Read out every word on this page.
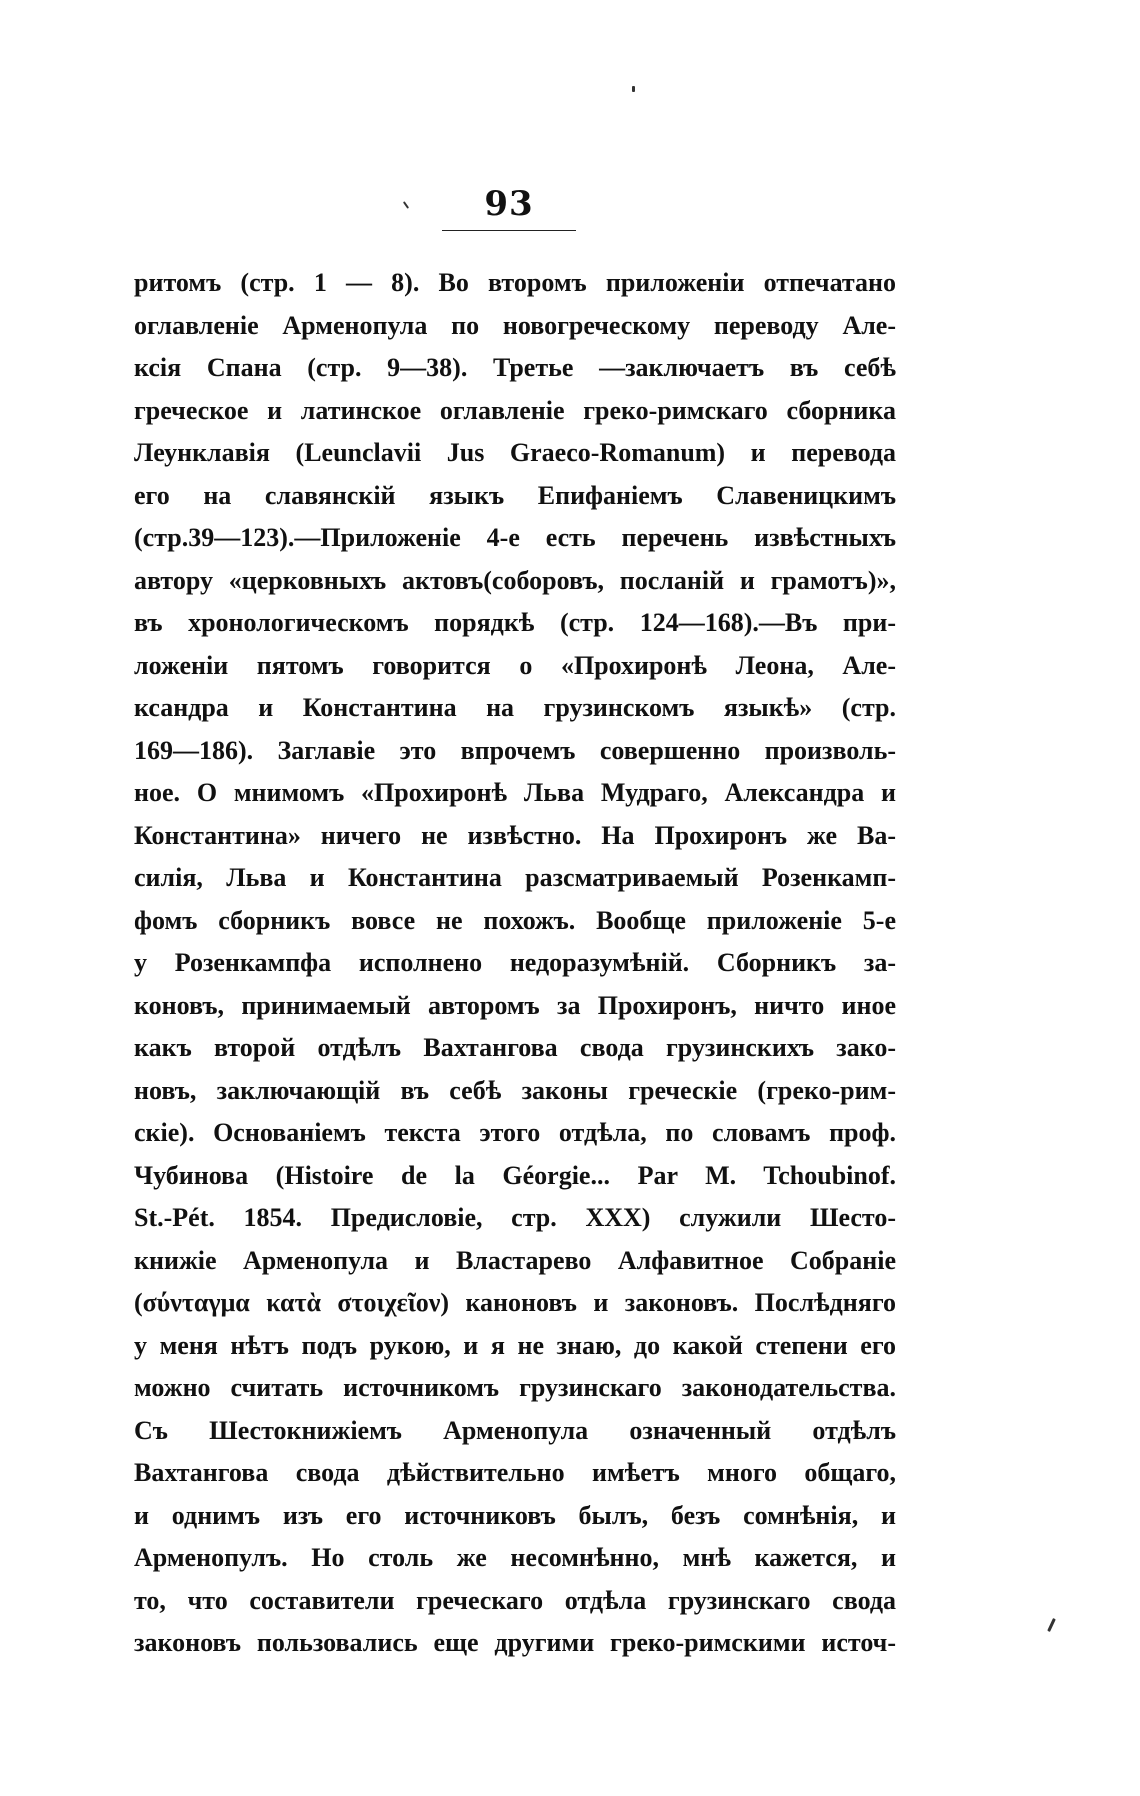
93
ритомъ (стр. 1 — 8). Во второмъ приложеніи отпечатано
оглавленіе Арменопула по новогреческому переводу Але-
ксія Спана (стр. 9—38). Третье —заключаетъ въ себѣ
греческое и латинское оглавленіе греко-римскаго сборника
Леунклавія (Leunclavii Jus Graeco-Romanum) и перевода
его на славянскій языкъ Епифаніемъ Славеницкимъ
(стр.39—123).—Приложеніе 4-е есть перечень извѣстныхъ
автору «церковныхъ актовъ(соборовъ, посланій и грамотъ)»,
въ хронологическомъ порядкѣ (стр. 124—168).—Въ при-
ложеніи пятомъ говорится о «Прохиронѣ Леона, Але-
ксандра и Константина на грузинскомъ языкѣ» (стр.
169—186). Заглавіе это впрочемъ совершенно произволь-
ное. О мнимомъ «Прохиронѣ Льва Мудраго, Александра и
Константина» ничего не извѣстно. На Прохиронъ же Ва-
силія, Льва и Константина разсматриваемый Розенкамп-
фомъ сборникъ вовсе не похожъ. Вообще приложеніе 5-е
у Розенкампфа исполнено недоразумѣній. Сборникъ за-
коновъ, принимаемый авторомъ за Прохиронъ, ничто иное
какъ второй отдѣлъ Вахтангова свода грузинскихъ зако-
новъ, заключающій въ себѣ законы греческіе (греко-рим-
скіе). Основаніемъ текста этого отдѣла, по словамъ проф.
Чубинова (Histoire de la Géorgie... Par M. Tchoubinof.
St.-Pét. 1854. Предисловіе, стр. XXX) служили Шесто-
книжіе Арменопула и Властарево Алфавитное Собраніе
(σύνταγμα κατὰ στοιχεῖον) каноновъ и законовъ. Послѣдняго
у меня нѣтъ подъ рукою, и я не знаю, до какой степени его
можно считать источникомъ грузинскаго законодательства.
Съ Шестокнижіемъ Арменопула означенный отдѣлъ
Вахтангова свода дѣйствительно имѣетъ много общаго,
и однимъ изъ его источниковъ былъ, безъ сомнѣнія, и
Арменопулъ. Но столь же несомнѣнно, мнѣ кажется, и
то, что составители греческаго отдѣла грузинскаго свода
законовъ пользовались еще другими греко-римскими источ-
